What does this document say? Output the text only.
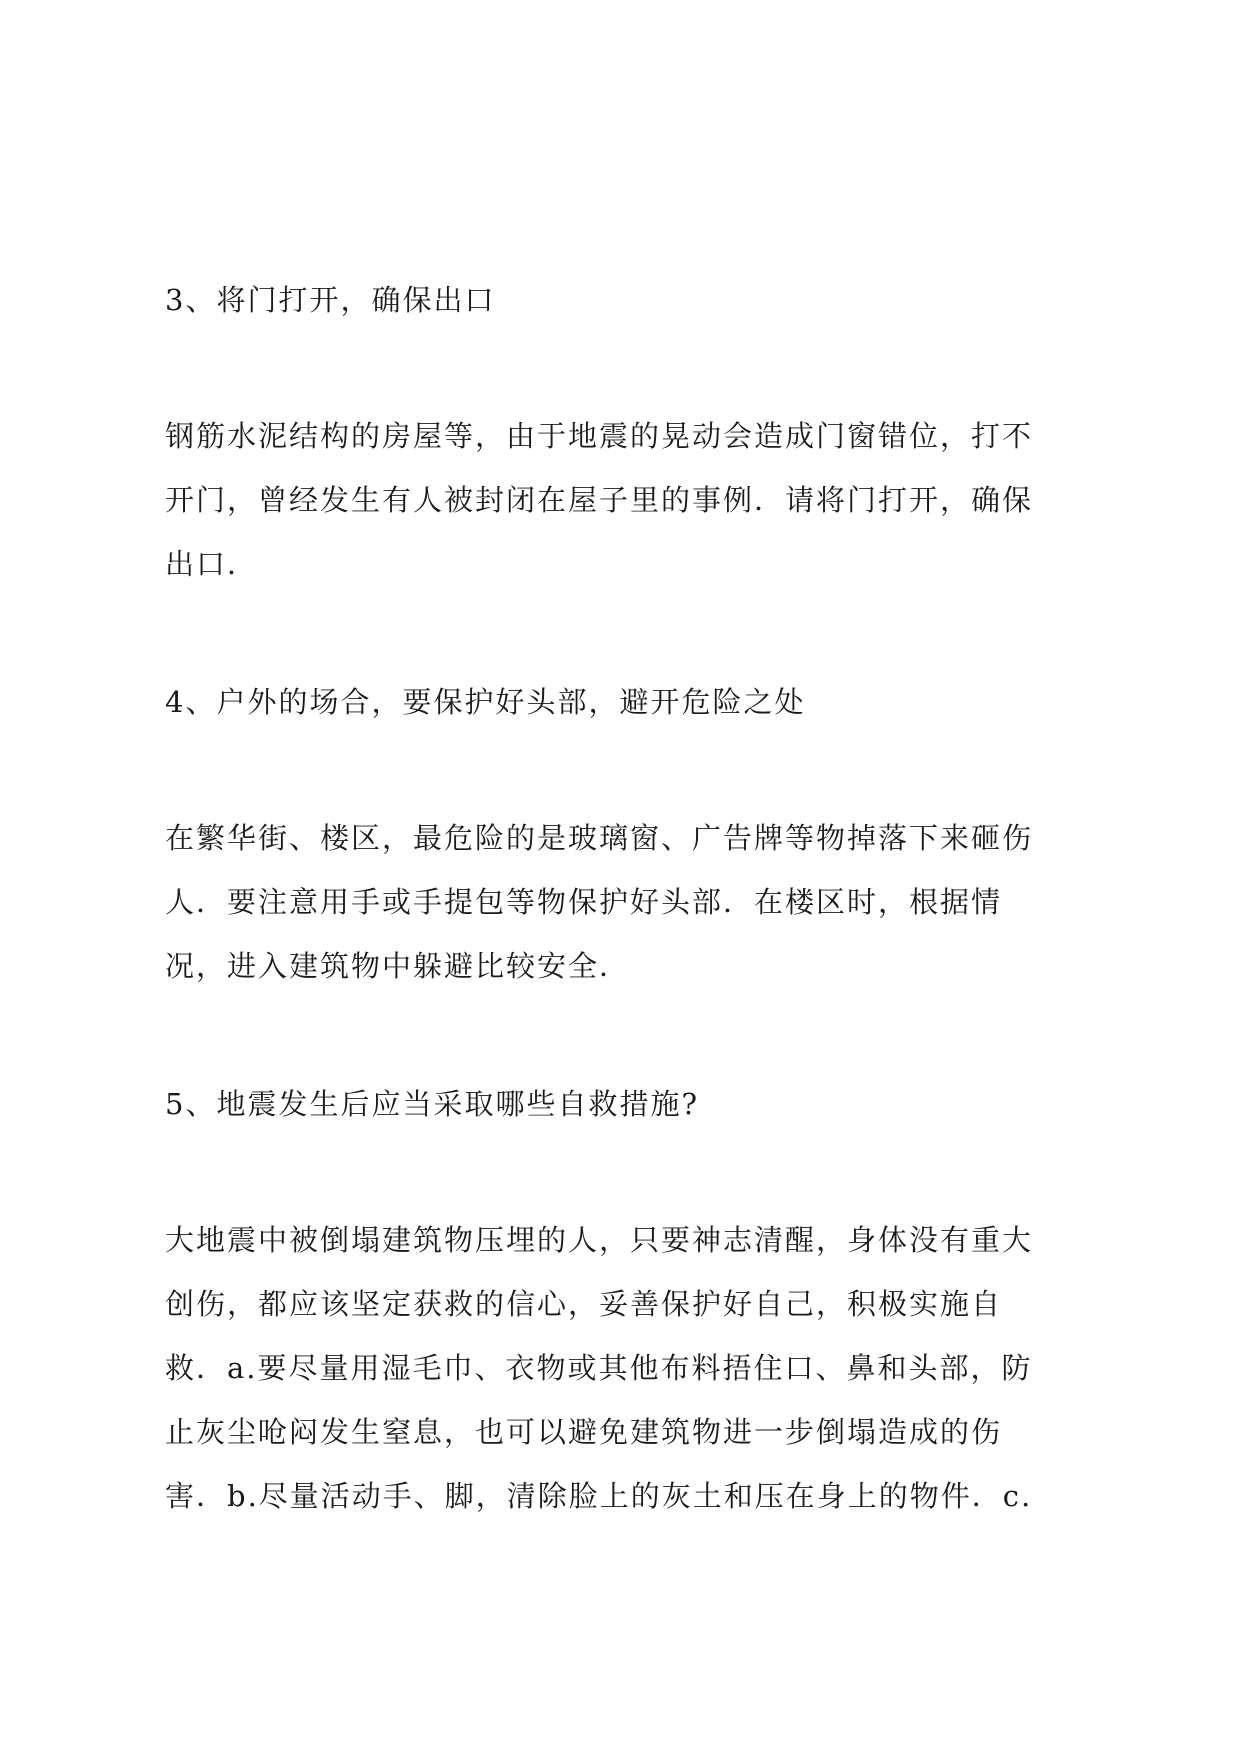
3、将门打开，确保出口

钢筋水泥结构的房屋等，由于地震的晃动会造成门窗错位，打不
开门，曾经发生有人被封闭在屋子里的事例．请将门打开，确保
出口．

4、户外的场合，要保护好头部，避开危险之处

在繁华街、楼区，最危险的是玻璃窗、广告牌等物掉落下来砸伤
人．要注意用手或手提包等物保护好头部．在楼区时，根据情
况，进入建筑物中躲避比较安全．

5、地震发生后应当采取哪些自救措施?

大地震中被倒塌建筑物压埋的人，只要神志清醒，身体没有重大
创伤，都应该坚定获救的信心，妥善保护好自己，积极实施自
救．a.要尽量用湿毛巾、衣物或其他布料捂住口、鼻和头部，防
止灰尘呛闷发生窒息，也可以避免建筑物进一步倒塌造成的伤
害．b.尽量活动手、脚，清除脸上的灰土和压在身上的物件．c.
